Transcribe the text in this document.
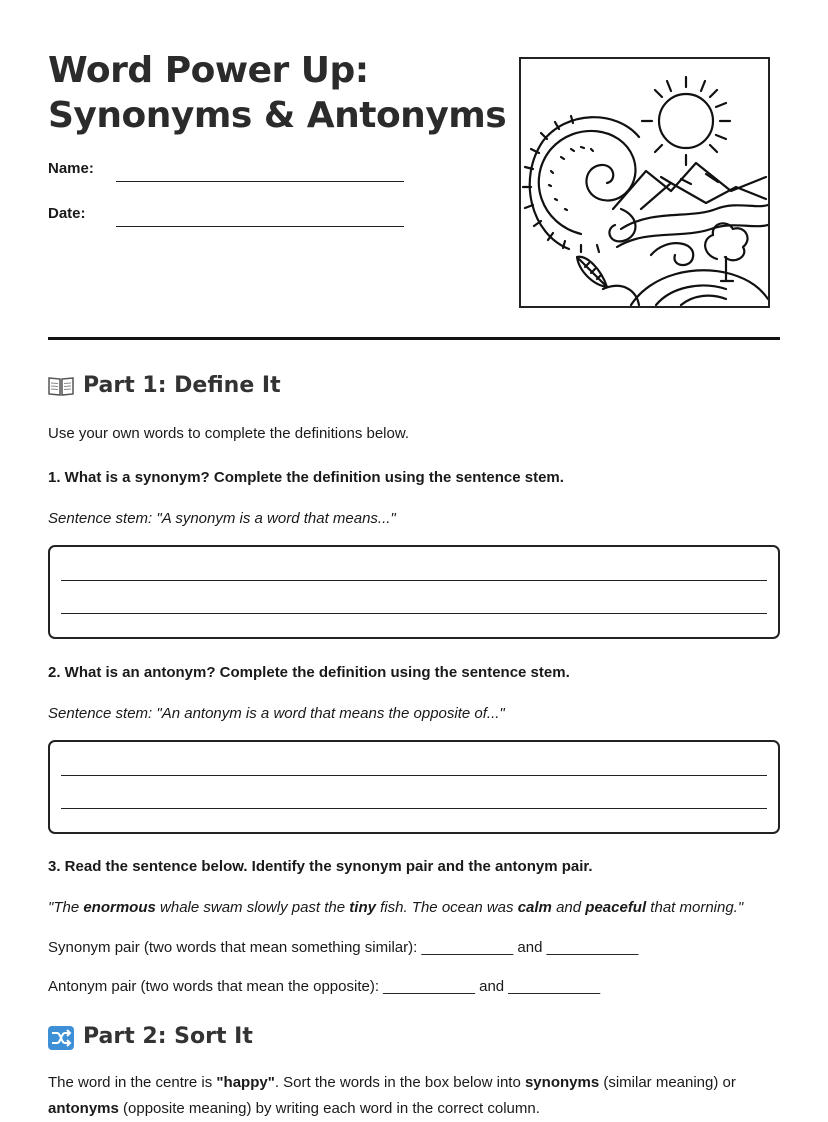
Word Power Up:
Synonyms & Antonyms
Name:
Date:
Part 1: Define It
Use your own words to complete the definitions below.
1. What is a synonym? Complete the definition using the sentence stem.
Sentence stem: "A synonym is a word that means..."
2. What is an antonym? Complete the definition using the sentence stem.
Sentence stem: "An antonym is a word that means the opposite of..."
3. Read the sentence below. Identify the synonym pair and the antonym pair.
"The enormous whale swam slowly past the tiny fish. The ocean was calm and peaceful that morning."
Synonym pair (two words that mean something similar): ___________ and ___________
Antonym pair (two words that mean the opposite): ___________ and ___________
Part 2: Sort It
The word in the centre is "happy". Sort the words in the box below into synonyms (similar meaning) or antonyms (opposite meaning) by writing each word in the correct column.
